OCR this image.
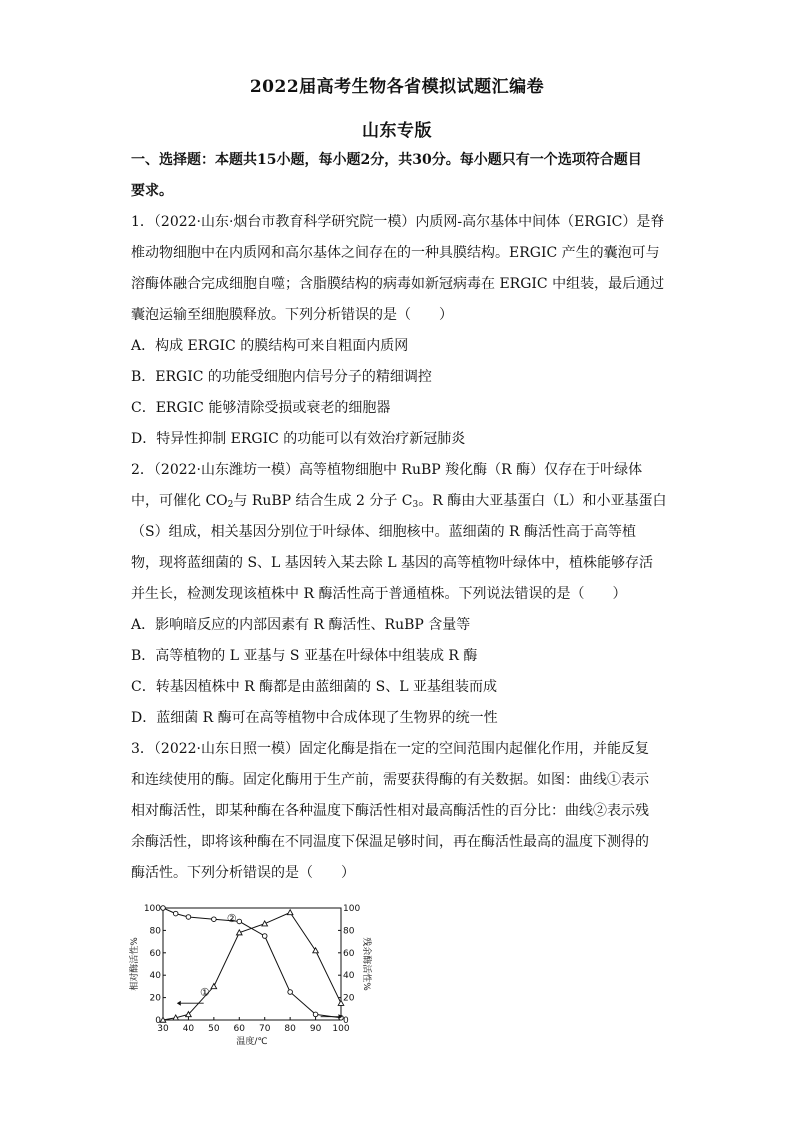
2022届高考生物各省模拟试题汇编卷
山东专版
一、选择题：本题共15小题，每小题2分，共30分。每小题只有一个选项符合题目
要求。
1．（2022·山东·烟台市教育科学研究院一模）内质网-高尔基体中间体（ERGIC）是脊
椎动物细胞中在内质网和高尔基体之间存在的一种具膜结构。ERGIC 产生的囊泡可与
溶酶体融合完成细胞自噬；含脂膜结构的病毒如新冠病毒在 ERGIC 中组装，最后通过
囊泡运输至细胞膜释放。下列分析错误的是（　　）
A．构成 ERGIC 的膜结构可来自粗面内质网
B．ERGIC 的功能受细胞内信号分子的精细调控
C．ERGIC 能够清除受损或衰老的细胞器
D．特异性抑制 ERGIC 的功能可以有效治疗新冠肺炎
2．（2022·山东潍坊一模）高等植物细胞中 RuBP 羧化酶（R 酶）仅存在于叶绿体
中，可催化 $CO_2$与 RuBP 结合生成 2 分子 $C_3$。R 酶由大亚基蛋白（L）和小亚基蛋白
（S）组成，相关基因分别位于叶绿体、细胞核中。蓝细菌的 R 酶活性高于高等植
物，现将蓝细菌的 S、L 基因转入某去除 L 基因的高等植物叶绿体中，植株能够存活
并生长，检测发现该植株中 R 酶活性高于普通植株。下列说法错误的是（　　）
A．影响暗反应的内部因素有 R 酶活性、RuBP 含量等
B．高等植物的 L 亚基与 S 亚基在叶绿体中组装成 R 酶
C．转基因植株中 R 酶都是由蓝细菌的 S、L 亚基组装而成
D．蓝细菌 R 酶可在高等植物中合成体现了生物界的统一性
3．（2022·山东日照一模）固定化酶是指在一定的空间范围内起催化作用，并能反复
和连续使用的酶。固定化酶用于生产前，需要获得酶的有关数据。如图：曲线①表示
相对酶活性，即某种酶在各种温度下酶活性相对最高酶活性的百分比：曲线②表示残
余酶活性，即将该种酶在不同温度下保温足够时间，再在酶活性最高的温度下测得的
酶活性。下列分析错误的是（　　）
30 40 50 60 70 80 90 100
0	0
20	20
40	40
60	60
80	80
100	100
温度/℃
相对酶活性%	残余酶活性%
①
②
